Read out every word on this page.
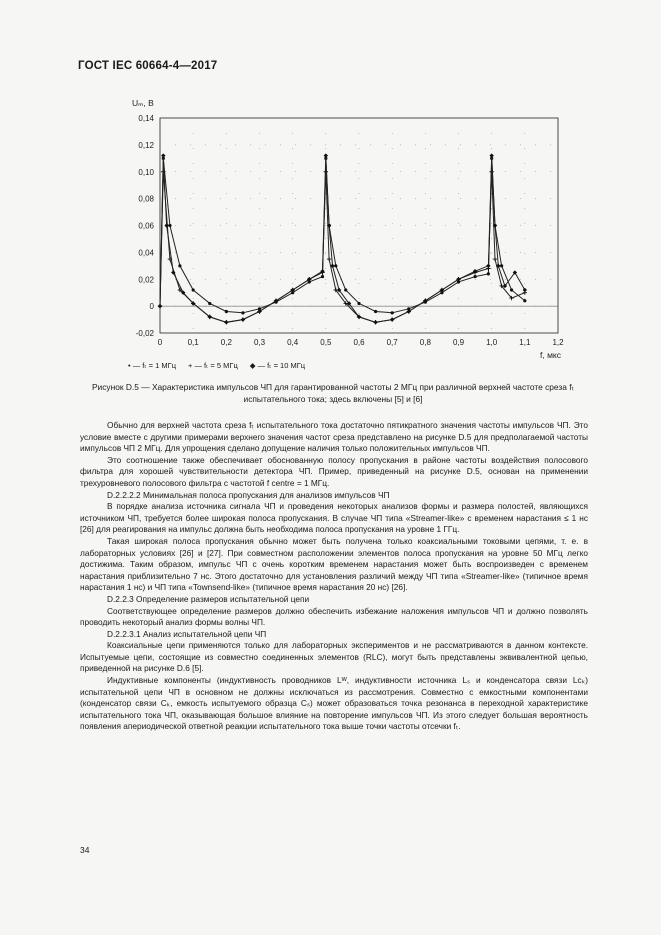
ГОСТ IEC 60664-4—2017
0	0,1	0,2	0,3	0,4	0,5	0,6	0,7	0,8	0,9	1,0	1,1	1,2
-0,02
0
0,02
0,04
0,06
0,08
0,10
0,12
0,14
Uₘ, В
f, мкс
• — fₜ = 1 МГц + — fₜ = 5 МГц ◆ — fₜ = 10 МГц
Рисунок D.5 — Характеристика импульсов ЧП для гарантированной частоты 2 МГц при различной верхней частоте среза fₜ испытательного тока; здесь включены [5] и [6]

Обычно для верхней частота среза fₜ испытательного тока достаточно пятикратного значения частоты импульсов ЧП. Это условие вместе с другими примерами верхнего значения частот среза представлено на рисунке D.5 для предполагаемой частоты импульсов ЧП 2 МГц. Для упрощения сделано допущение наличия только положительных импульсов ЧП.

Это соотношение также обеспечивает обоснованную полосу пропускания в районе частоты воздействия полосового фильтра для хорошей чувствительности детектора ЧП. Пример, приведенный на рисунке D.5, основан на применении трехуровневого полосового фильтра с частотой f centre = 1 МГц.

D.2.2.2.2 Минимальная полоса пропускания для анализов импульсов ЧП

В порядке анализа источника сигнала ЧП и проведения некоторых анализов формы и размера полостей, являющихся источником ЧП, требуется более широкая полоса пропускания. В случае ЧП типа «Streamer-like» с временем нарастания ≤ 1 нс [26] для реагирования на импульс должна быть необходима полоса пропускания на уровне 1 ГГц.

Такая широкая полоса пропускания обычно может быть получена только коаксиальными токовыми цепями, т. е. в лабораторных условиях [26] и [27]. При совместном расположении элементов полоса пропускания на уровне 50 МГц легко достижима. Таким образом, импульс ЧП с очень коротким временем нарастания может быть воспроизведен с временем нарастания приблизительно 7 нс. Этого достаточно для установления различий между ЧП типа «Streamer-like» (типичное время нарастания 1 нс) и ЧП типа «Townsend-like» (типичное время нарастания 20 нс) [26].

D.2.2.3 Определение размеров испытательной цепи

Соответствующее определение размеров должно обеспечить избежание наложения импульсов ЧП и должно позволять проводить некоторый анализ формы волны ЧП.

D.2.2.3.1 Анализ испытательной цепи ЧП

Коаксиальные цепи применяются только для лабораторных экспериментов и не рассматриваются в данном контексте. Испытуемые цепи, состоящие из совместно соединенных элементов (RLC), могут быть представлены эквивалентной цепью, приведенной на рисунке D.6 [5].

Индуктивные компоненты (индуктивность проводников Lᵂ, индуктивности источника Lₛ и конденсатора связи Lᴄₖ) испытательной цепи ЧП в основном не должны исключаться из рассмотрения. Совместно с емкостными компонентами (конденсатор связи Cₖ, емкость испытуемого образца Cₛ) может образоваться точка резонанса в переходной характеристике испытательного тока ЧП, оказывающая большое влияние на повторение импульсов ЧП. Из этого следует большая вероятность появления апериодической ответной реакции испытательного тока выше точки частоты отсечки fₜ.

34
